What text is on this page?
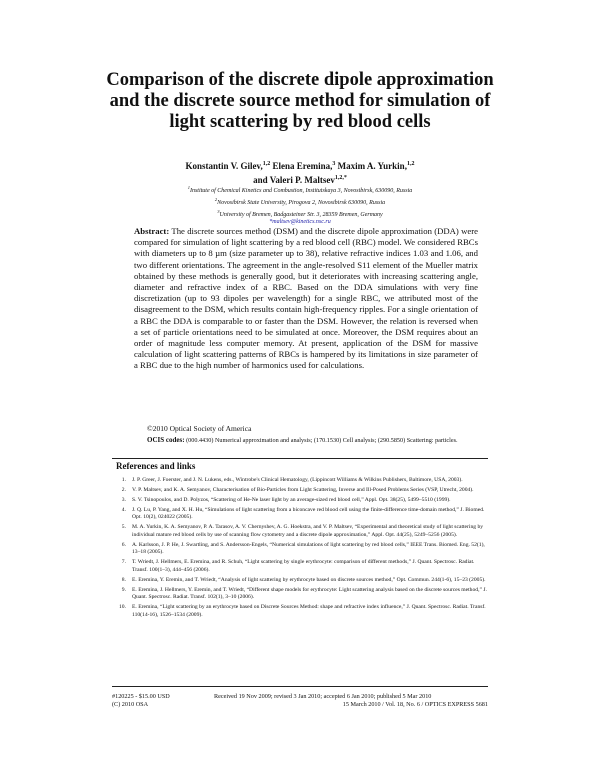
Comparison of the discrete dipole approximation and the discrete source method for simulation of light scattering by red blood cells
Konstantin V. Gilev,$^{1,2}$ Elena Eremina,$^3$ Maxim A. Yurkin,$^{1,2}$
and Valeri P. Maltsev$^{1,2,*}$
$^1$Institute of Chemical Kinetics and Combustion, Institutskaya 3, Novosibirsk, 630090, Russia
$^2$Novosibirsk State University, Pirogova 2, Novosibirsk 630090, Russia
$^3$University of Bremen, Badgasteiner Str. 3, 28359 Bremen, Germany
*maltsev@kinetics.nsc.ru
Abstract: The discrete sources method (DSM) and the discrete dipole approximation (DDA) were compared for simulation of light scattering by a red blood cell (RBC) model. We considered RBCs with diameters up to 8 µm (size parameter up to 38), relative refractive indices 1.03 and 1.06, and two different orientations. The agreement in the angle-resolved S11 element of the Mueller matrix obtained by these methods is generally good, but it deteriorates with increasing scattering angle, diameter and refractive index of a RBC. Based on the DDA simulations with very fine discretization (up to 93 dipoles per wavelength) for a single RBC, we attributed most of the disagreement to the DSM, which results contain high-frequency ripples. For a single orientation of a RBC the DDA is comparable to or faster than the DSM. However, the relation is reversed when a set of particle orientations need to be simulated at once. Moreover, the DSM requires about an order of magnitude less computer memory. At present, application of the DSM for massive calculation of light scattering patterns of RBCs is hampered by its limitations in size parameter of a RBC due to the high number of harmonics used for calculations.
©2010 Optical Society of America
OCIS codes: (000.4430) Numerical approximation and analysis; (170.1530) Cell analysis; (290.5850) Scattering: particles.
References and links
1.	J. P. Greer, J. Foerster, and J. N. Lukens, eds., Wintrobe's Clinical Hematology, (Lippincott Williams & Wilkins Publishers, Baltimore, USA, 2003).
2.	V. P. Maltsev, and K. A. Semyanov, Characterisation of Bio-Particles from Light Scattering, Inverse and Ill-Posed Problems Series (VSP, Utrecht, 2004).
3.	S. V. Tsinopoulos, and D. Polyzos, “Scattering of He-Ne laser light by an average-sized red blood cell,” Appl. Opt. 38(25), 5499–5510 (1999).
4.	J. Q. Lu, P. Yang, and X. H. Hu, “Simulations of light scattering from a biconcave red blood cell using the finite-difference time-domain method,” J. Biomed. Opt. 10(2), 024022 (2005).
5.	M. A. Yurkin, K. A. Semyanov, P. A. Tarasov, A. V. Chernyshev, A. G. Hoekstra, and V. P. Maltsev, “Experimental and theoretical study of light scattering by individual mature red blood cells by use of scanning flow cytometry and a discrete dipole approximation,” Appl. Opt. 44(25), 5249–5256 (2005).
6.	A. Karlsson, J. P. He, J. Swartling, and S. Andersson-Engels, “Numerical simulations of light scattering by red blood cells,” IEEE Trans. Biomed. Eng. 52(1), 13–18 (2005).
7.	T. Wriedt, J. Hellmers, E. Eremina, and R. Schuh, “Light scattering by single erythrocyte: comparison of different methods,” J. Quant. Spectrosc. Radiat. Transf. 100(1–3), 444–456 (2006).
8.	E. Eremina, Y. Eremin, and T. Wriedt, “Analysis of light scattering by erythrocyte based on discrete sources method,” Opt. Commun. 244(1-6), 15–23 (2005).
9.	E. Eremina, J. Hellmers, Y. Eremin, and T. Wriedt, “Different shape models for erythrocyte: Light scattering analysis based on the discrete sources method,” J. Quant. Spectrosc. Radiat. Transf. 102(1), 3–10 (2006).
10.	E. Eremina, “Light scattering by an erythrocyte based on Discrete Sources Method: shape and refractive index influence,” J. Quant. Spectrosc. Radiat. Transf. 110(14-16), 1526–1534 (2009).
#120225 - $15.00 USD
(C) 2010 OSA
Received 19 Nov 2009; revised 3 Jan 2010; accepted 6 Jan 2010; published 5 Mar 2010
15 March 2010 / Vol. 18, No. 6 / OPTICS EXPRESS 5681
